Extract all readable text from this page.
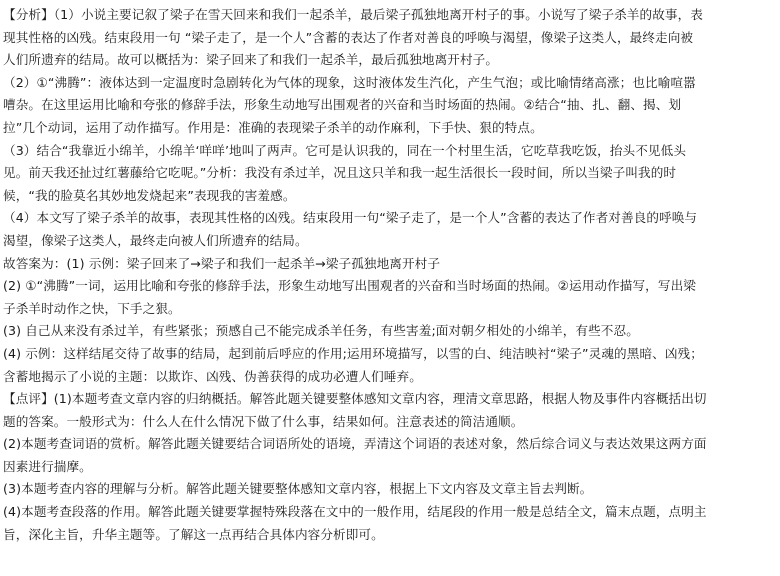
【分析】（1）小说主要记叙了梁子在雪天回来和我们一起杀羊，最后梁子孤独地离开村子的事。小说写了梁子杀羊的故事，表
现其性格的凶残。结束段用一句 “梁子走了，是一个人”含蓄的表达了作者对善良的呼唤与渴望，像梁子这类人，最终走向被
人们所遗弃的结局。故可以概括为：梁子回来了和我们一起杀羊，最后孤独地离开村子。
（2）①“沸腾”：液体达到一定温度时急剧转化为气体的现象，这时液体发生汽化，产生气泡；或比喻情绪高涨；也比喻喧嚣
嘈杂。在这里运用比喻和夸张的修辞手法，形象生动地写出围观者的兴奋和当时场面的热闹。②结合“抽、扎、翻、揭、划
拉”几个动词，运用了动作描写。作用是：准确的表现梁子杀羊的动作麻利，下手快、狠的特点。
（3）结合“我靠近小绵羊，小绵羊‘咩咩’地叫了两声。它可是认识我的，同在一个村里生活，它吃草我吃饭，抬头不见低头
见。前天我还扯过红薯藤给它吃呢。”分析：我没有杀过羊，况且这只羊和我一起生活很长一段时间，所以当梁子叫我的时
候，“我的脸莫名其妙地发烧起来”表现我的害羞感。
（4）本文写了梁子杀羊的故事，表现其性格的凶残。结束段用一句“梁子走了，是一个人”含蓄的表达了作者对善良的呼唤与
渴望，像梁子这类人，最终走向被人们所遗弃的结局。
故答案为：(1) 示例：梁子回来了→梁子和我们一起杀羊→梁子孤独地离开村子
(2) ①“沸腾”一词，运用比喻和夸张的修辞手法，形象生动地写出围观者的兴奋和当时场面的热闹。②运用动作描写，写出梁
子杀羊时动作之快，下手之狠。
(3) 自己从来没有杀过羊，有些紧张；预感自己不能完成杀羊任务，有些害羞;面对朝夕相处的小绵羊，有些不忍。
(4) 示例：这样结尾交待了故事的结局，起到前后呼应的作用;运用环境描写，以雪的白、纯洁映衬“梁子”灵魂的黑暗、凶残；
含蓄地揭示了小说的主题：以欺诈、凶残、伪善获得的成功必遭人们唾弃。
【点评】(1)本题考查文章内容的归纳概括。解答此题关键要整体感知文章内容，理清文章思路，根据人物及事件内容概括出切
题的答案。一般形式为：什么人在什么情况下做了什么事，结果如何。注意表述的简洁通顺。
(2)本题考查词语的赏析。解答此题关键要结合词语所处的语境，弄清这个词语的表述对象，然后综合词义与表达效果这两方面
因素进行揣摩。
(3)本题考查内容的理解与分析。解答此题关键要整体感知文章内容，根据上下文内容及文章主旨去判断。
(4)本题考查段落的作用。解答此题关键要掌握特殊段落在文中的一般作用，结尾段的作用一般是总结全文，篇末点题，点明主
旨，深化主旨，升华主题等。了解这一点再结合具体内容分析即可。
